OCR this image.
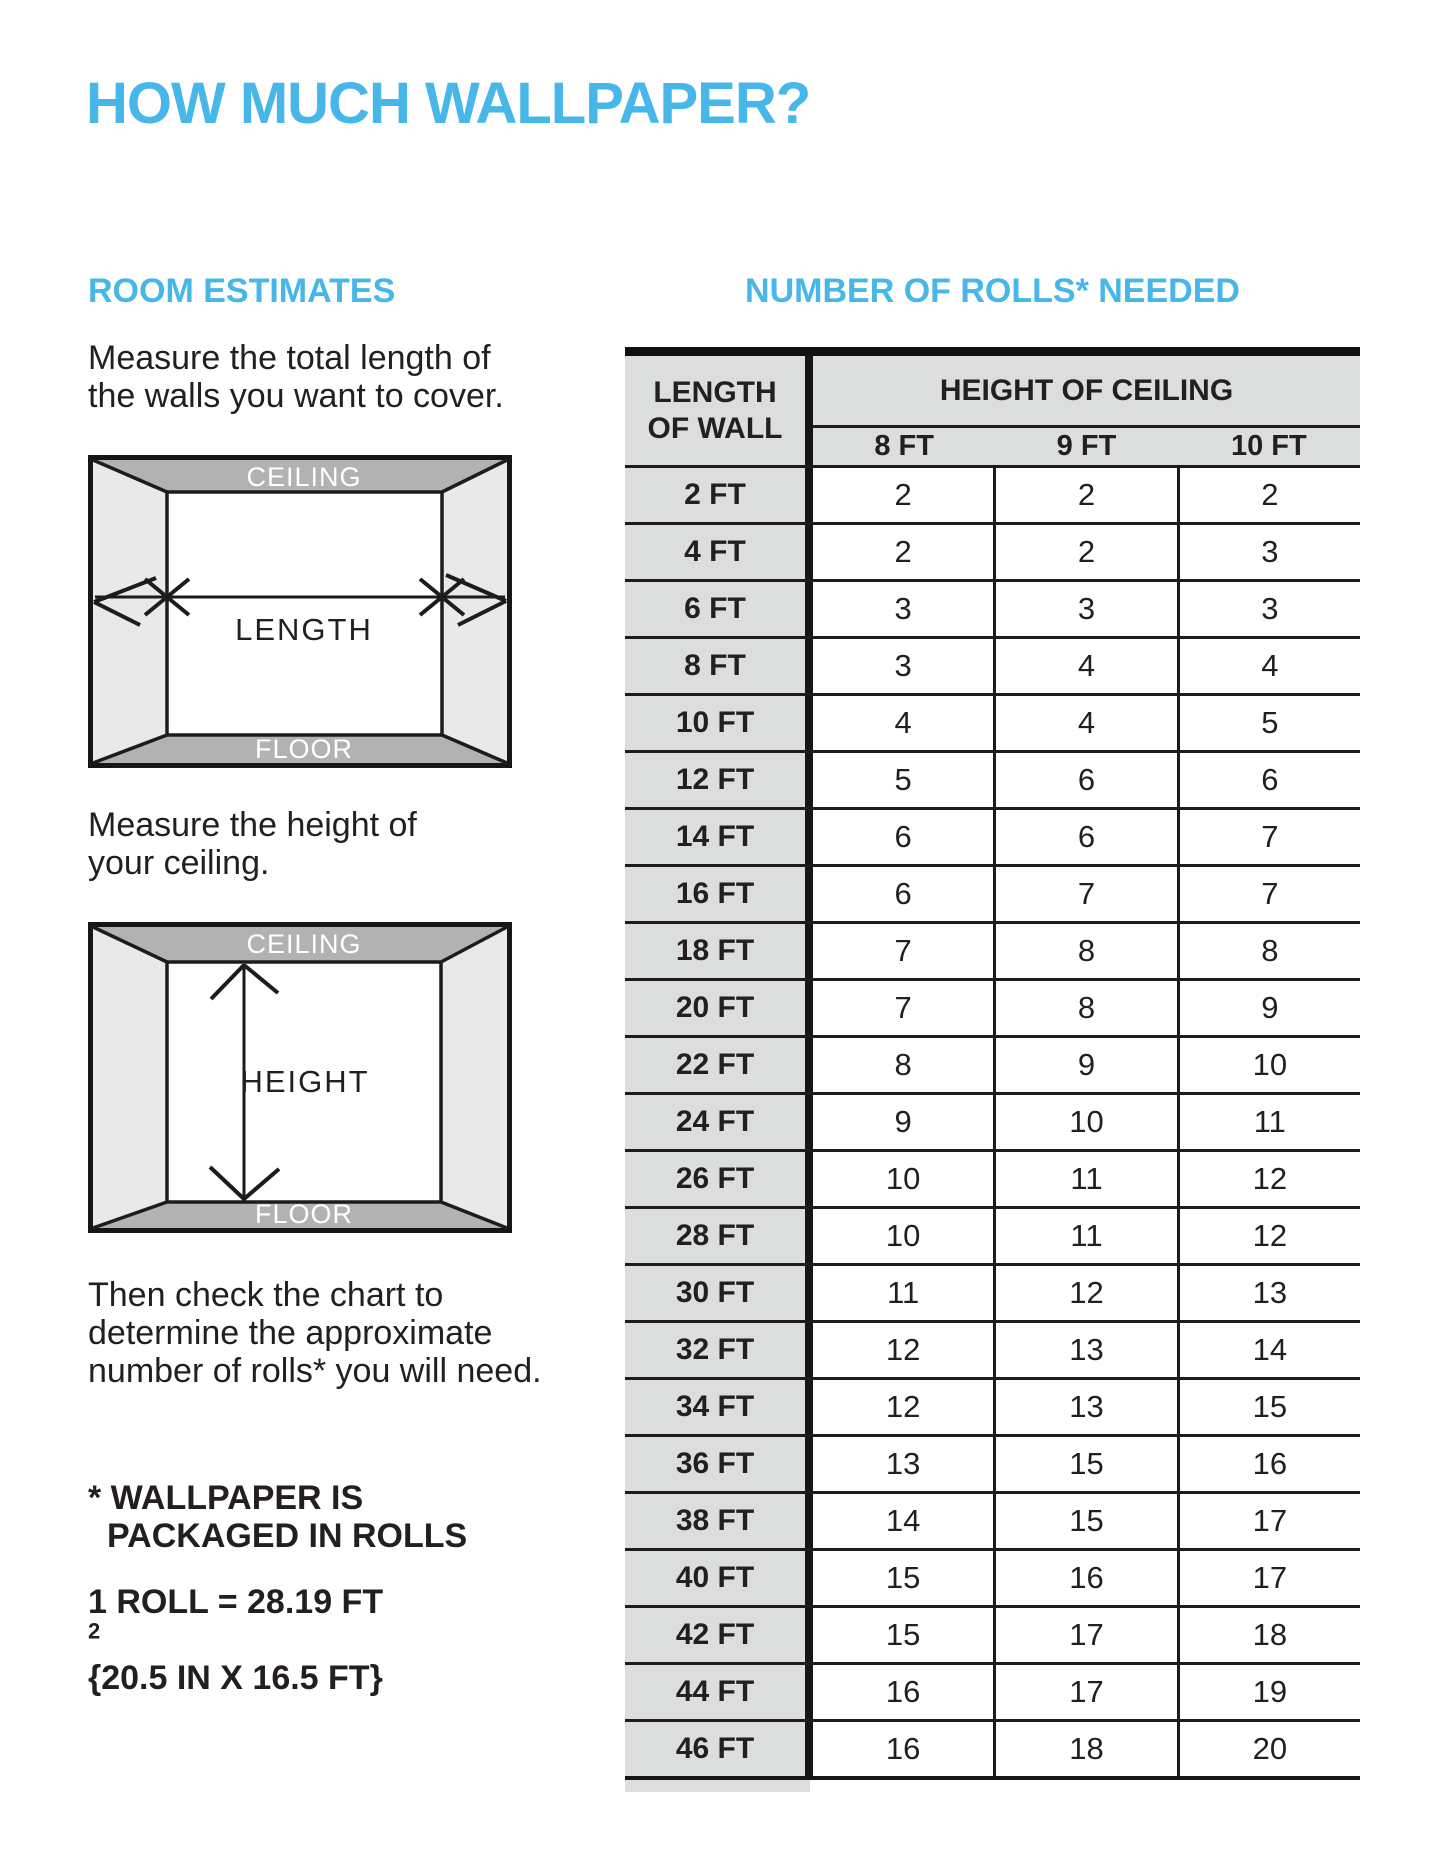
HOW MUCH WALLPAPER?
ROOM ESTIMATES
Measure the total length of
the walls you want to cover.
CEILING
FLOOR
LENGTH
Measure the height of
your ceiling.
CEILING
FLOOR
HEIGHT
Then check the chart to
determine the approximate
number of rolls* you will need.
* WALLPAPER IS
PACKAGED IN ROLLS
1 ROLL = 28.19 FT
$^2$
{20.5 IN X 16.5 FT}
NUMBER OF ROLLS* NEEDED
LENGTH
OF WALL
HEIGHT OF CEILING
8 FT	9 FT	10 FT
2 FT	2	2	2
4 FT	2	2	3
6 FT	3	3	3
8 FT	3	4	4
10 FT	4	4	5
12 FT	5	6	6
14 FT	6	6	7
16 FT	6	7	7
18 FT	7	8	8
20 FT	7	8	9
22 FT	8	9	10
24 FT	9	10	11
26 FT	10	11	12
28 FT	10	11	12
30 FT	11	12	13
32 FT	12	13	14
34 FT	12	13	15
36 FT	13	15	16
38 FT	14	15	17
40 FT	15	16	17
42 FT	15	17	18
44 FT	16	17	19
46 FT	16	18	20
